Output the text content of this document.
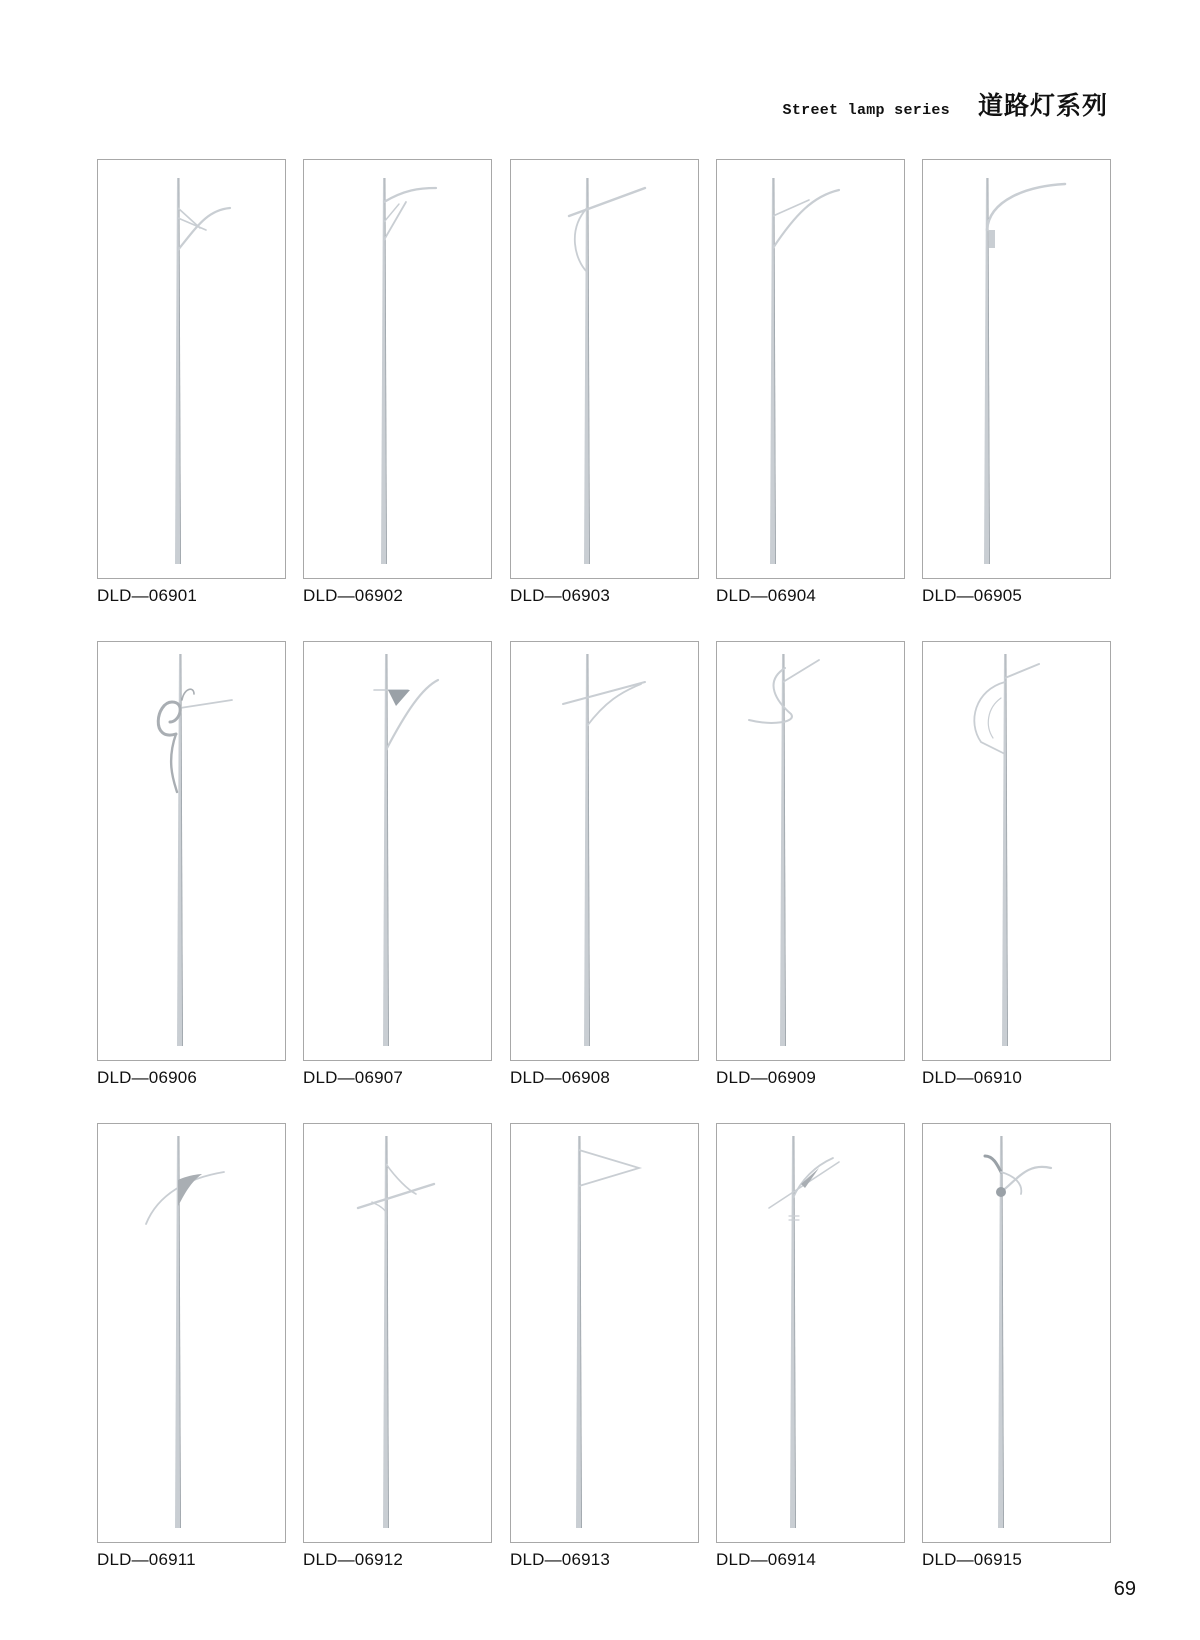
Street lamp series 道路灯系列
DLD—06901	DLD—06902	DLD—06903	DLD—06904	DLD—06905
DLD—06906	DLD—06907	DLD—06908	DLD—06909	DLD—06910
DLD—06911	DLD—06912	DLD—06913	DLD—06914	DLD—06915
69
